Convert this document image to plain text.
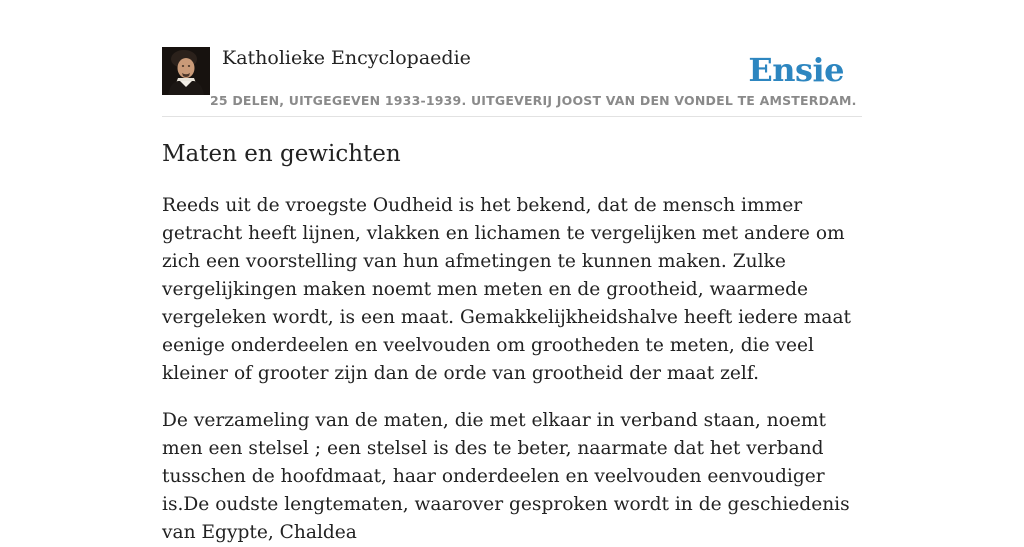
Katholieke Encyclopaedie
25 DELEN, UITGEGEVEN 1933-1939. UITGEVERIJ JOOST VAN DEN VONDEL TE AMSTERDAM.
Ensie
Maten en gewichten

Reeds uit de vroegste Oudheid is het bekend, dat de mensch immer getracht heeft lijnen, vlakken en lichamen te vergelijken met andere om zich een voorstelling van hun afmetingen te kunnen maken. Zulke vergelijkingen maken noemt men meten en de grootheid, waarmede vergeleken wordt, is een maat. Gemakkelijkheidshalve heeft iedere maat eenige onderdeelen en veelvouden om grootheden te meten, die veel kleiner of grooter zijn dan de orde van grootheid der maat zelf.

De verzameling van de maten, die met elkaar in verband staan, noemt men een stelsel ; een stelsel is des te beter, naarmate dat het verband tusschen de hoofdmaat, haar onderdeelen en veelvouden eenvoudiger is.De oudste lengtematen, waarover gesproken wordt in de geschiedenis van Egypte, Chaldea
